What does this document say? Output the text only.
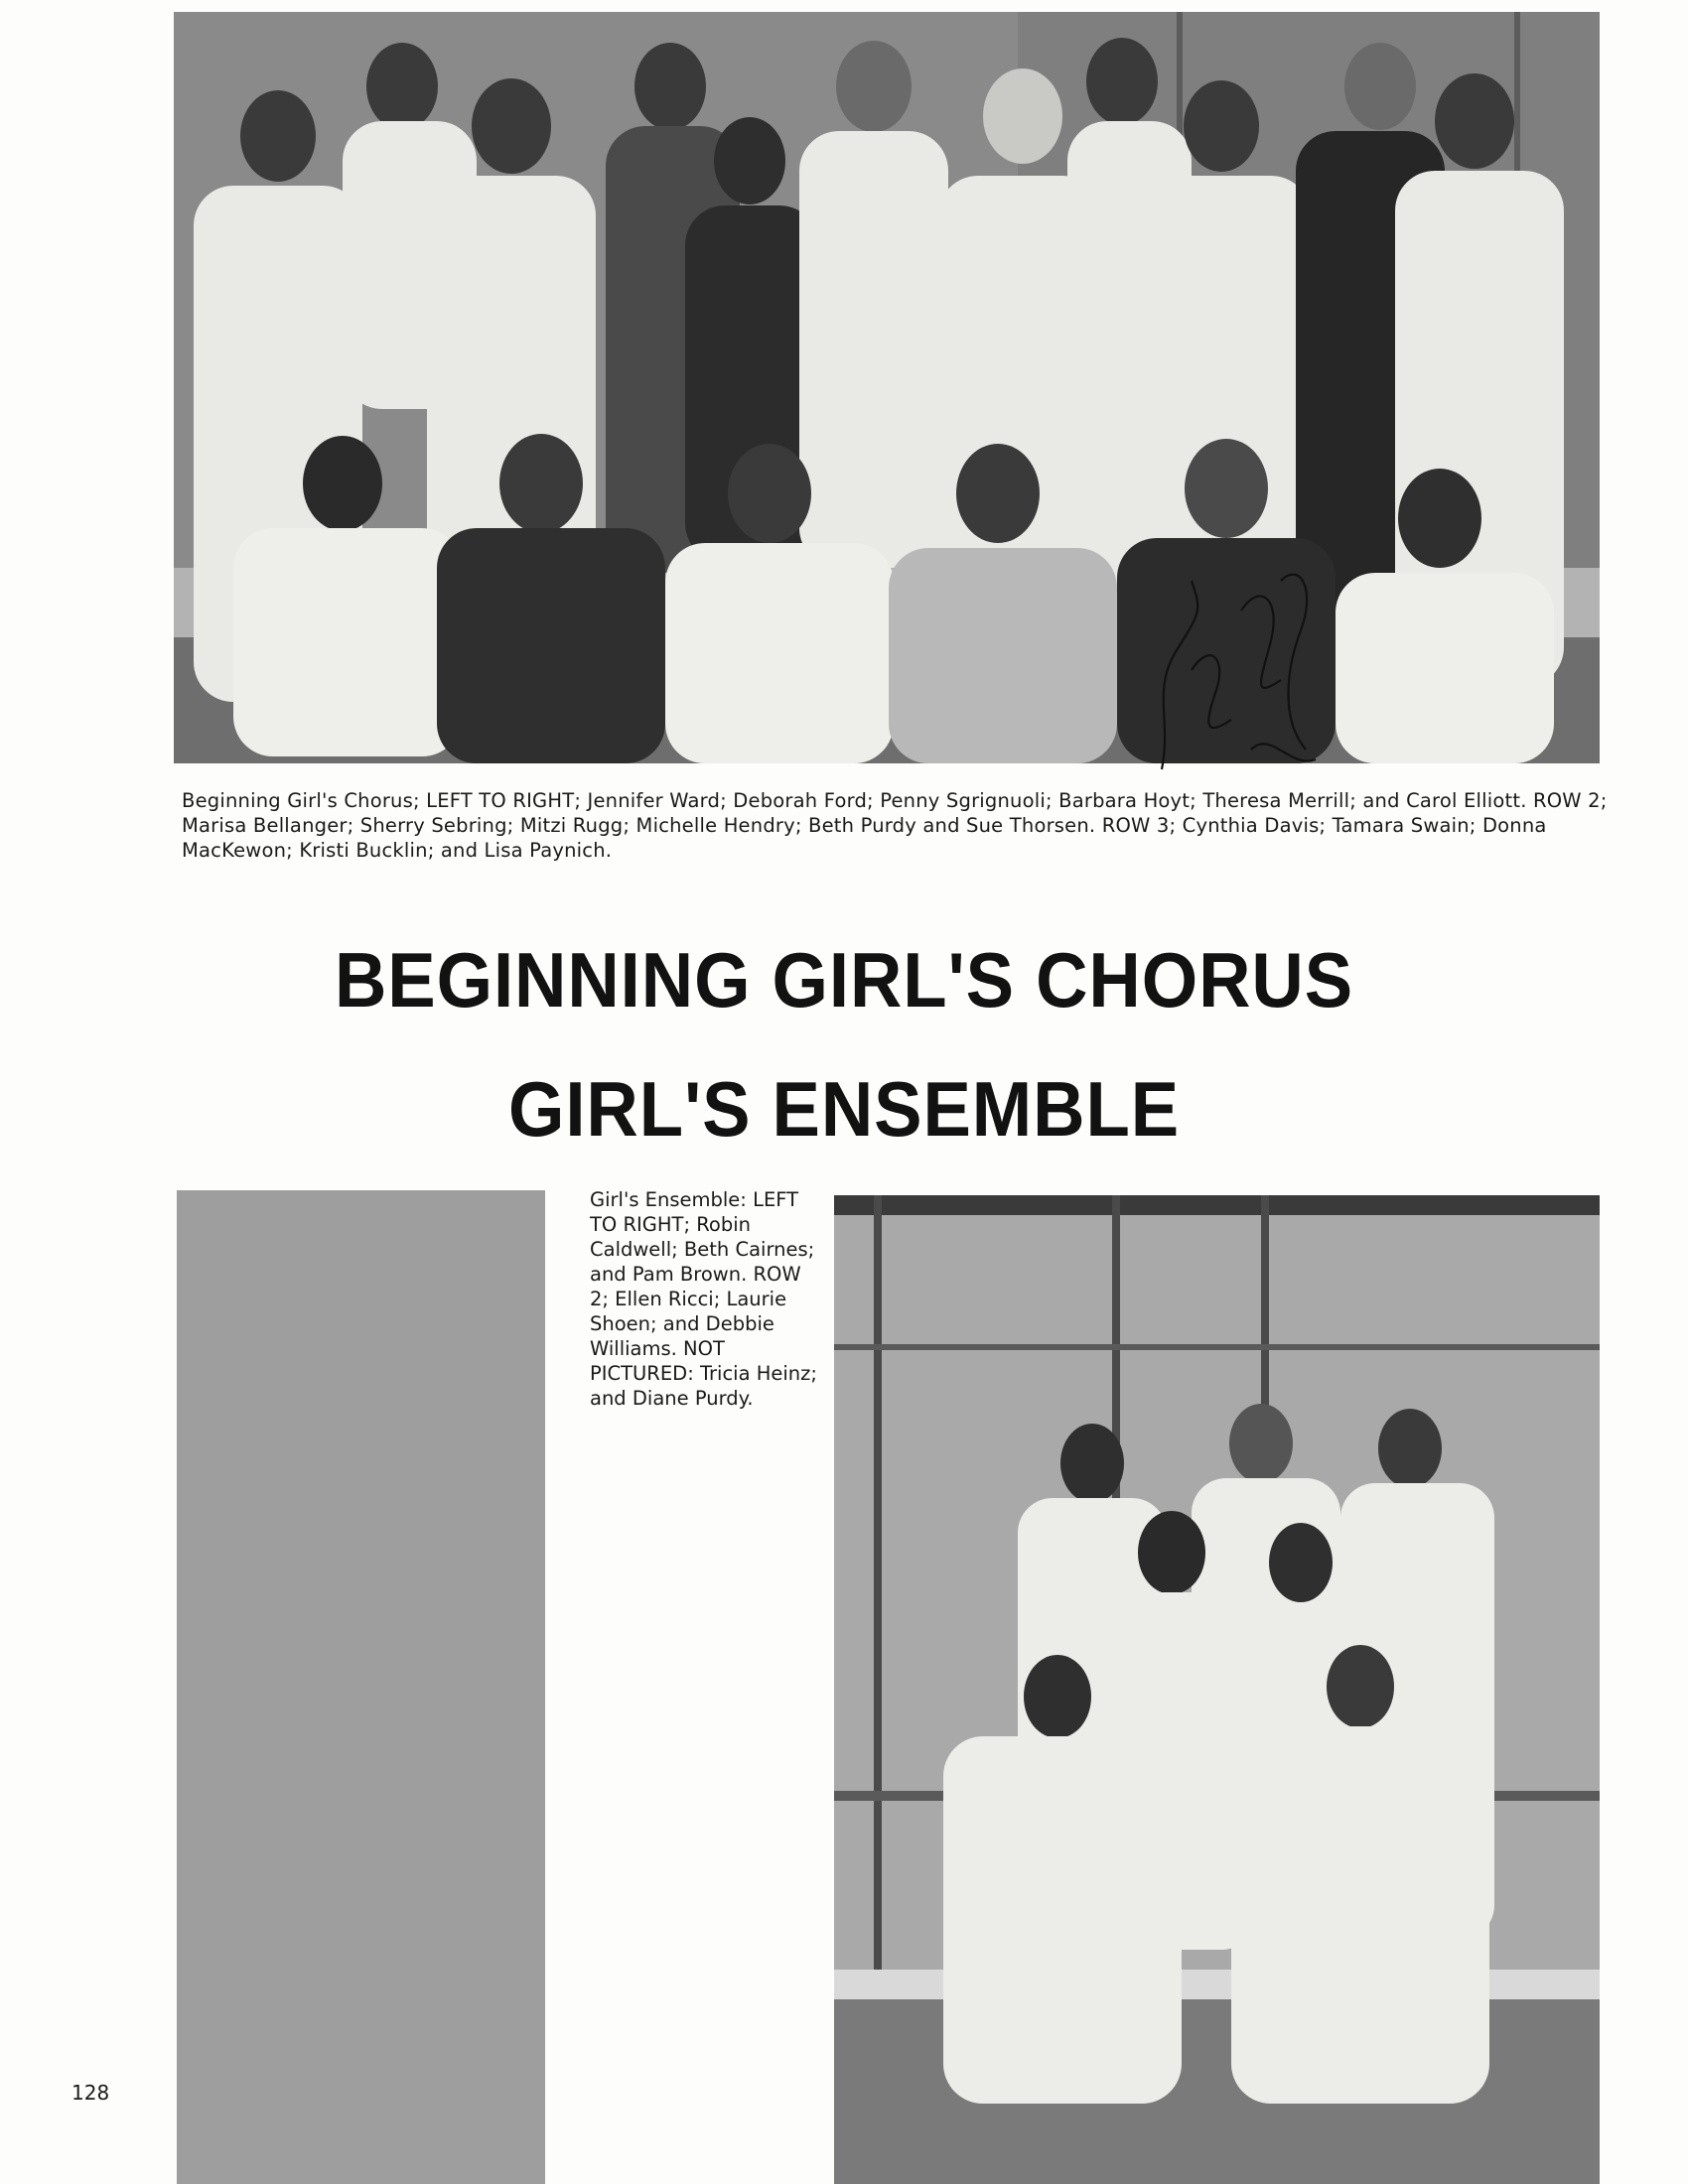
Beginning Girl's Chorus; LEFT TO RIGHT; Jennifer Ward; Deborah Ford; Penny Sgrignuoli; Barbara Hoyt; Theresa Merrill; and Carol Elliott. ROW 2; Marisa Bellanger; Sherry Sebring; Mitzi Rugg; Michelle Hendry; Beth Purdy and Sue Thorsen. ROW 3; Cynthia Davis; Tamara Swain; Donna MacKewon; Kristi Bucklin; and Lisa Paynich.

BEGINNING GIRL'S CHORUS
GIRL'S ENSEMBLE

Girl's Ensemble: LEFT TO RIGHT; Robin Caldwell; Beth Cairnes; and Pam Brown. ROW 2; Ellen Ricci; Laurie Shoen; and Debbie Williams. NOT PICTURED: Tricia Heinz; and Diane Purdy.

128
